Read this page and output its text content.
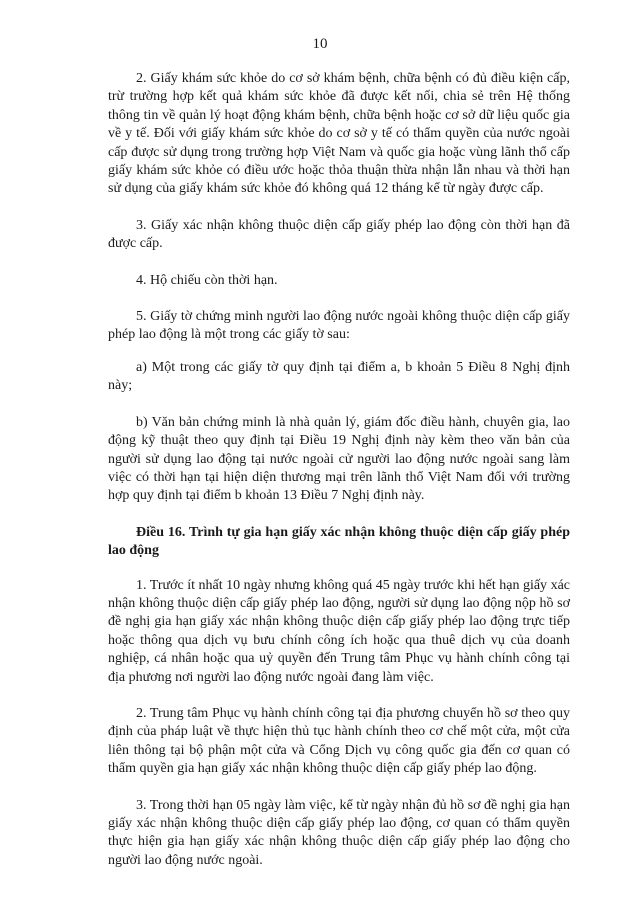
10

2. Giấy khám sức khỏe do cơ sở khám bệnh, chữa bệnh có đủ điều kiện cấp, trừ trường hợp kết quả khám sức khỏe đã được kết nối, chia sẻ trên Hệ thống thông tin về quản lý hoạt động khám bệnh, chữa bệnh hoặc cơ sở dữ liệu quốc gia về y tế. Đối với giấy khám sức khỏe do cơ sở y tế có thẩm quyền của nước ngoài cấp được sử dụng trong trường hợp Việt Nam và quốc gia hoặc vùng lãnh thổ cấp giấy khám sức khỏe có điều ước hoặc thỏa thuận thừa nhận lẫn nhau và thời hạn sử dụng của giấy khám sức khỏe đó không quá 12 tháng kể từ ngày được cấp.

3. Giấy xác nhận không thuộc diện cấp giấy phép lao động còn thời hạn đã được cấp.

4. Hộ chiếu còn thời hạn.

5. Giấy tờ chứng minh người lao động nước ngoài không thuộc diện cấp giấy phép lao động là một trong các giấy tờ sau:

a) Một trong các giấy tờ quy định tại điểm a, b khoản 5 Điều 8 Nghị định này;

b) Văn bản chứng minh là nhà quản lý, giám đốc điều hành, chuyên gia, lao động kỹ thuật theo quy định tại Điều 19 Nghị định này kèm theo văn bản của người sử dụng lao động tại nước ngoài cử người lao động nước ngoài sang làm việc có thời hạn tại hiện diện thương mại trên lãnh thổ Việt Nam đối với trường hợp quy định tại điểm b khoản 13 Điều 7 Nghị định này.

Điều 16. Trình tự gia hạn giấy xác nhận không thuộc diện cấp giấy phép lao động

1. Trước ít nhất 10 ngày nhưng không quá 45 ngày trước khi hết hạn giấy xác nhận không thuộc diện cấp giấy phép lao động, người sử dụng lao động nộp hồ sơ đề nghị gia hạn giấy xác nhận không thuộc diện cấp giấy phép lao động trực tiếp hoặc thông qua dịch vụ bưu chính công ích hoặc qua thuê dịch vụ của doanh nghiệp, cá nhân hoặc qua uỷ quyền đến Trung tâm Phục vụ hành chính công tại địa phương nơi người lao động nước ngoài đang làm việc.

2. Trung tâm Phục vụ hành chính công tại địa phương chuyển hồ sơ theo quy định của pháp luật về thực hiện thủ tục hành chính theo cơ chế một cửa, một cửa liên thông tại bộ phận một cửa và Cổng Dịch vụ công quốc gia đến cơ quan có thẩm quyền gia hạn giấy xác nhận không thuộc diện cấp giấy phép lao động.

3. Trong thời hạn 05 ngày làm việc, kể từ ngày nhận đủ hồ sơ đề nghị gia hạn giấy xác nhận không thuộc diện cấp giấy phép lao động, cơ quan có thẩm quyền thực hiện gia hạn giấy xác nhận không thuộc diện cấp giấy phép lao động cho người lao động nước ngoài.
